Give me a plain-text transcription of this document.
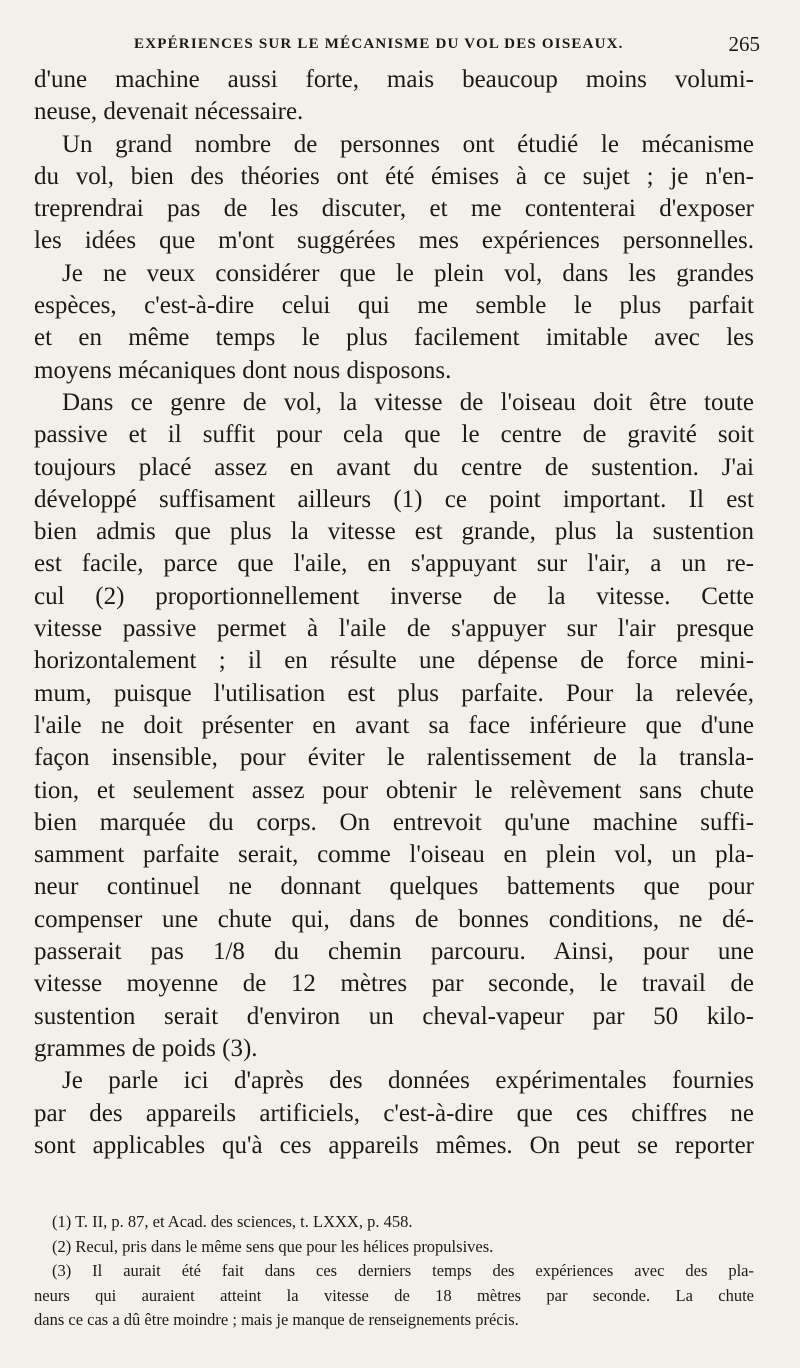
EXPÉRIENCES SUR LE MÉCANISME DU VOL DES OISEAUX.	265
d'une machine aussi forte, mais beaucoup moins volumi-
neuse, devenait nécessaire.
Un grand nombre de personnes ont étudié le mécanisme
du vol, bien des théories ont été émises à ce sujet ; je n'en-
treprendrai pas de les discuter, et me contenterai d'exposer
les idées que m'ont suggérées mes expériences personnelles.
Je ne veux considérer que le plein vol, dans les grandes
espèces, c'est-à-dire celui qui me semble le plus parfait
et en même temps le plus facilement imitable avec les
moyens mécaniques dont nous disposons.
Dans ce genre de vol, la vitesse de l'oiseau doit être toute
passive et il suffit pour cela que le centre de gravité soit
toujours placé assez en avant du centre de sustention. J'ai
développé suffisament ailleurs (1) ce point important. Il est
bien admis que plus la vitesse est grande, plus la sustention
est facile, parce que l'aile, en s'appuyant sur l'air, a un re-
cul (2) proportionnellement inverse de la vitesse. Cette
vitesse passive permet à l'aile de s'appuyer sur l'air presque
horizontalement ; il en résulte une dépense de force mini-
mum, puisque l'utilisation est plus parfaite. Pour la relevée,
l'aile ne doit présenter en avant sa face inférieure que d'une
façon insensible, pour éviter le ralentissement de la transla-
tion, et seulement assez pour obtenir le relèvement sans chute
bien marquée du corps. On entrevoit qu'une machine suffi-
samment parfaite serait, comme l'oiseau en plein vol, un pla-
neur continuel ne donnant quelques battements que pour
compenser une chute qui, dans de bonnes conditions, ne dé-
passerait pas 1/8 du chemin parcouru. Ainsi, pour une
vitesse moyenne de 12 mètres par seconde, le travail de
sustention serait d'environ un cheval-vapeur par 50 kilo-
grammes de poids (3).
Je parle ici d'après des données expérimentales fournies
par des appareils artificiels, c'est-à-dire que ces chiffres ne
sont applicables qu'à ces appareils mêmes. On peut se reporter
(1) T. II, p. 87, et Acad. des sciences, t. LXXX, p. 458.
(2) Recul, pris dans le même sens que pour les hélices propulsives.
(3) Il aurait été fait dans ces derniers temps des expériences avec des pla-
neurs qui auraient atteint la vitesse de 18 mètres par seconde. La chute
dans ce cas a dû être moindre ; mais je manque de renseignements précis.
